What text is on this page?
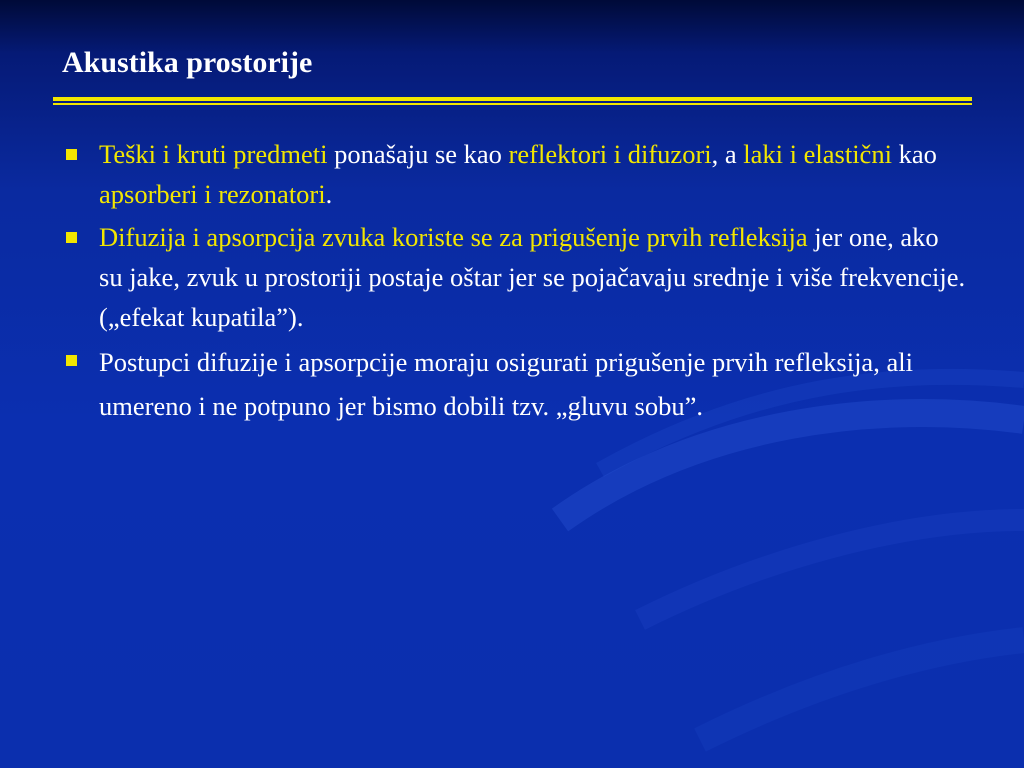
Akustika prostorije
Teški i kruti predmeti ponašaju se kao reflektori i difuzori, a laki i elastični kao apsorberi i rezonatori.
Difuzija i apsorpcija zvuka koriste se za prigušenje prvih refleksija jer one, ako su jake, zvuk u prostoriji postaje oštar jer se pojačavaju srednje i više frekvencije. („efekat kupatila”).
Postupci difuzije i apsorpcije moraju osigurati prigušenje prvih refleksija, ali umereno i ne potpuno jer bismo dobili tzv. „gluvu sobu”.
